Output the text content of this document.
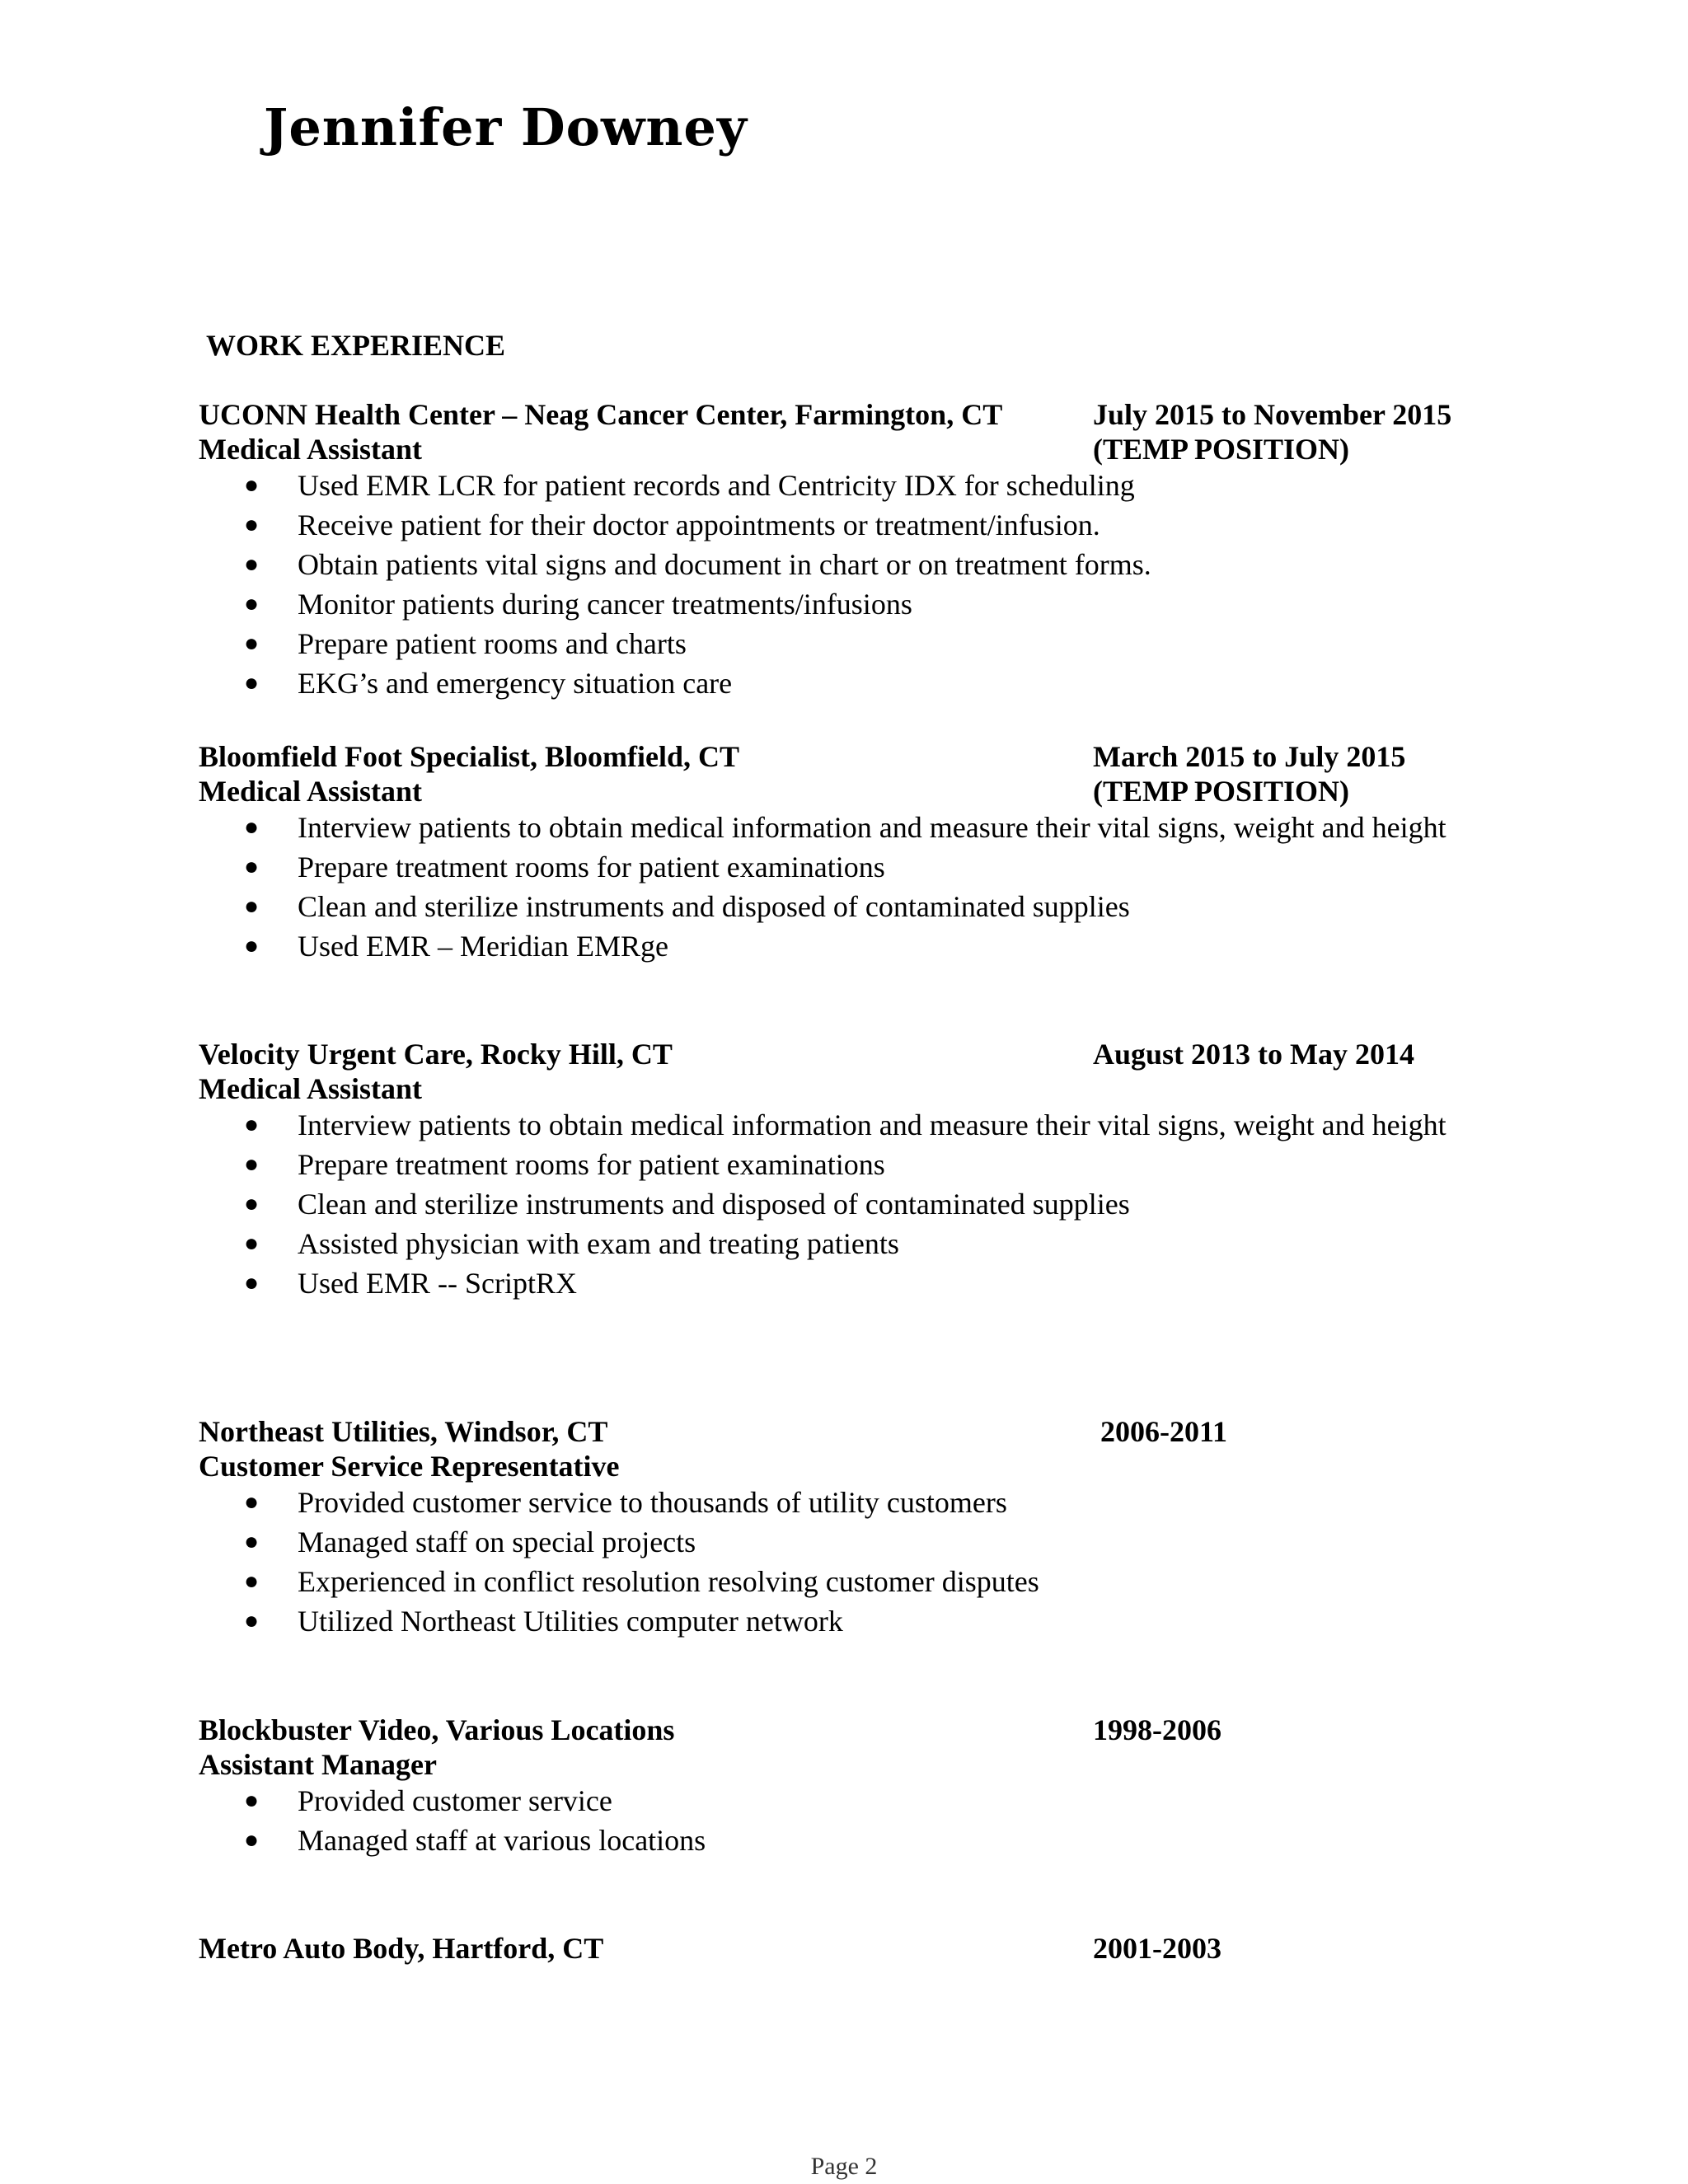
Jennifer Downey
WORK EXPERIENCE
UCONN Health Center – Neag Cancer Center, Farmington, CT	July 2015 to November 2015
Medical Assistant	(TEMP POSITION)
● Used EMR LCR for patient records and Centricity IDX for scheduling
● Receive patient for their doctor appointments or treatment/infusion.
● Obtain patients vital signs and document in chart or on treatment forms.
● Monitor patients during cancer treatments/infusions
● Prepare patient rooms and charts
● EKG’s and emergency situation care
Bloomfield Foot Specialist, Bloomfield, CT	March 2015 to July 2015
Medical Assistant	(TEMP POSITION)
● Interview patients to obtain medical information and measure their vital signs, weight and height
● Prepare treatment rooms for patient examinations
● Clean and sterilize instruments and disposed of contaminated supplies
● Used EMR – Meridian EMRge
Velocity Urgent Care, Rocky Hill, CT	August 2013 to May 2014
Medical Assistant
● Interview patients to obtain medical information and measure their vital signs, weight and height
● Prepare treatment rooms for patient examinations
● Clean and sterilize instruments and disposed of contaminated supplies
● Assisted physician with exam and treating patients
● Used EMR -- ScriptRX
Northeast Utilities, Windsor, CT	2006-2011
Customer Service Representative
● Provided customer service to thousands of utility customers
● Managed staff on special projects
● Experienced in conflict resolution resolving customer disputes
● Utilized Northeast Utilities computer network
Blockbuster Video, Various Locations	1998-2006
Assistant Manager
● Provided customer service
● Managed staff at various locations
Metro Auto Body, Hartford, CT	2001-2003
Page 2
